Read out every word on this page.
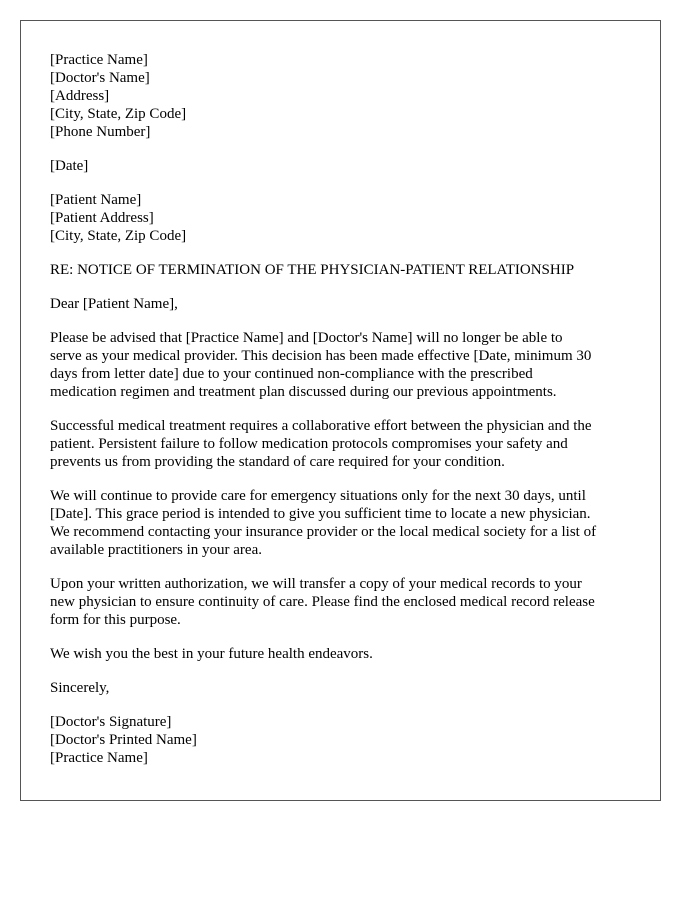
[Practice Name]
[Doctor's Name]
[Address]
[City, State, Zip Code]
[Phone Number]
[Date]
[Patient Name]
[Patient Address]
[City, State, Zip Code]
RE: NOTICE OF TERMINATION OF THE PHYSICIAN-PATIENT RELATIONSHIP
Dear [Patient Name],
Please be advised that [Practice Name] and [Doctor's Name] will no longer be able to
serve as your medical provider. This decision has been made effective [Date, minimum 30
days from letter date] due to your continued non-compliance with the prescribed
medication regimen and treatment plan discussed during our previous appointments.
Successful medical treatment requires a collaborative effort between the physician and the
patient. Persistent failure to follow medication protocols compromises your safety and
prevents us from providing the standard of care required for your condition.
We will continue to provide care for emergency situations only for the next 30 days, until
[Date]. This grace period is intended to give you sufficient time to locate a new physician.
We recommend contacting your insurance provider or the local medical society for a list of
available practitioners in your area.
Upon your written authorization, we will transfer a copy of your medical records to your
new physician to ensure continuity of care. Please find the enclosed medical record release
form for this purpose.
We wish you the best in your future health endeavors.
Sincerely,
[Doctor's Signature]
[Doctor's Printed Name]
[Practice Name]
